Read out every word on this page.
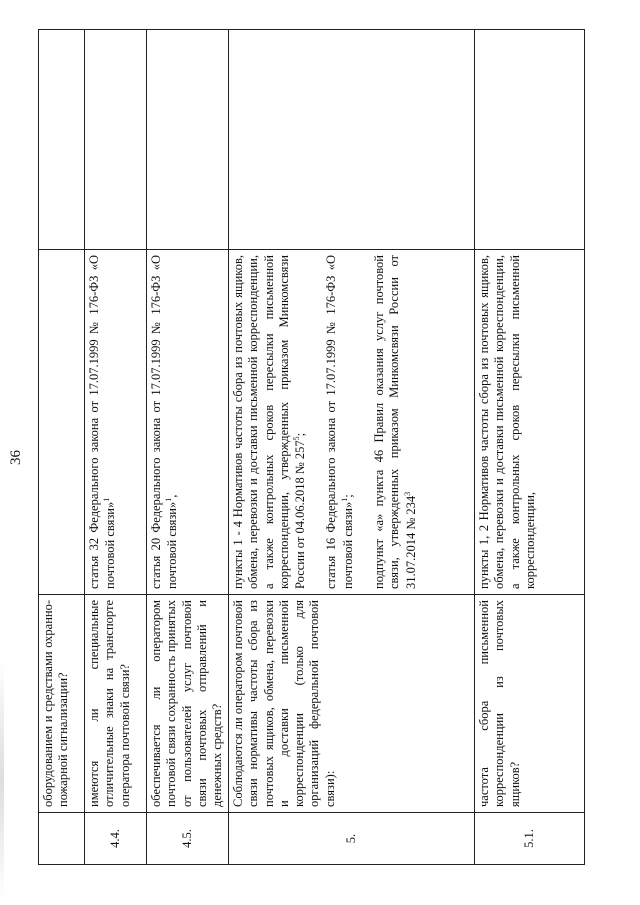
36
	оборудованием и средствами охранно-пожарной сигнализации?		
4.4.	имеются ли специальные отличительные знаки на транспорте оператора почтовой связи?	статья 32 Федерального закона от 17.07.1999 № 176-ФЗ «О почтовой связи»$^1$

4.5.	обеспечивается ли оператором почтовой связи сохранность принятых от пользователей услуг почтовой связи почтовых отправлений и денежных средств?	статья 20 Федерального закона от 17.07.1999 № 176-ФЗ «О почтовой связи»$^1$,	

5.	Соблюдаются ли оператором почтовой связи нормативы частоты сбора из почтовых ящиков, обмена, перевозки и доставки письменной корреспонденции (только для организаций федеральной почтовой связи):	пункты 1 - 4 Нормативов частоты сбора из почтовых ящиков, обмена, перевозки и доставки письменной корреспонденции, а также контрольных сроков пересылки письменной корреспонденции, утвержденных приказом Минкомсвязи России от 04.06.2018 № $257^5$; статья 16 Федерального закона от 17.07.1999 № 176-ФЗ «О почтовой связи»$^1$; подпункт «а» пункта 46 Правил оказания услуг почтовой связи, утвержденных приказом Минкомсвязи России от 31.07.2014 № $234^3$

5.1.	частота сбора письменной корреспонденции из почтовых ящиков?	пункты 1, 2 Нормативов частоты сбора из почтовых ящиков, обмена, перевозки и доставки письменной корреспонденции, а также контрольных сроков пересылки письменной корреспонденции,	
